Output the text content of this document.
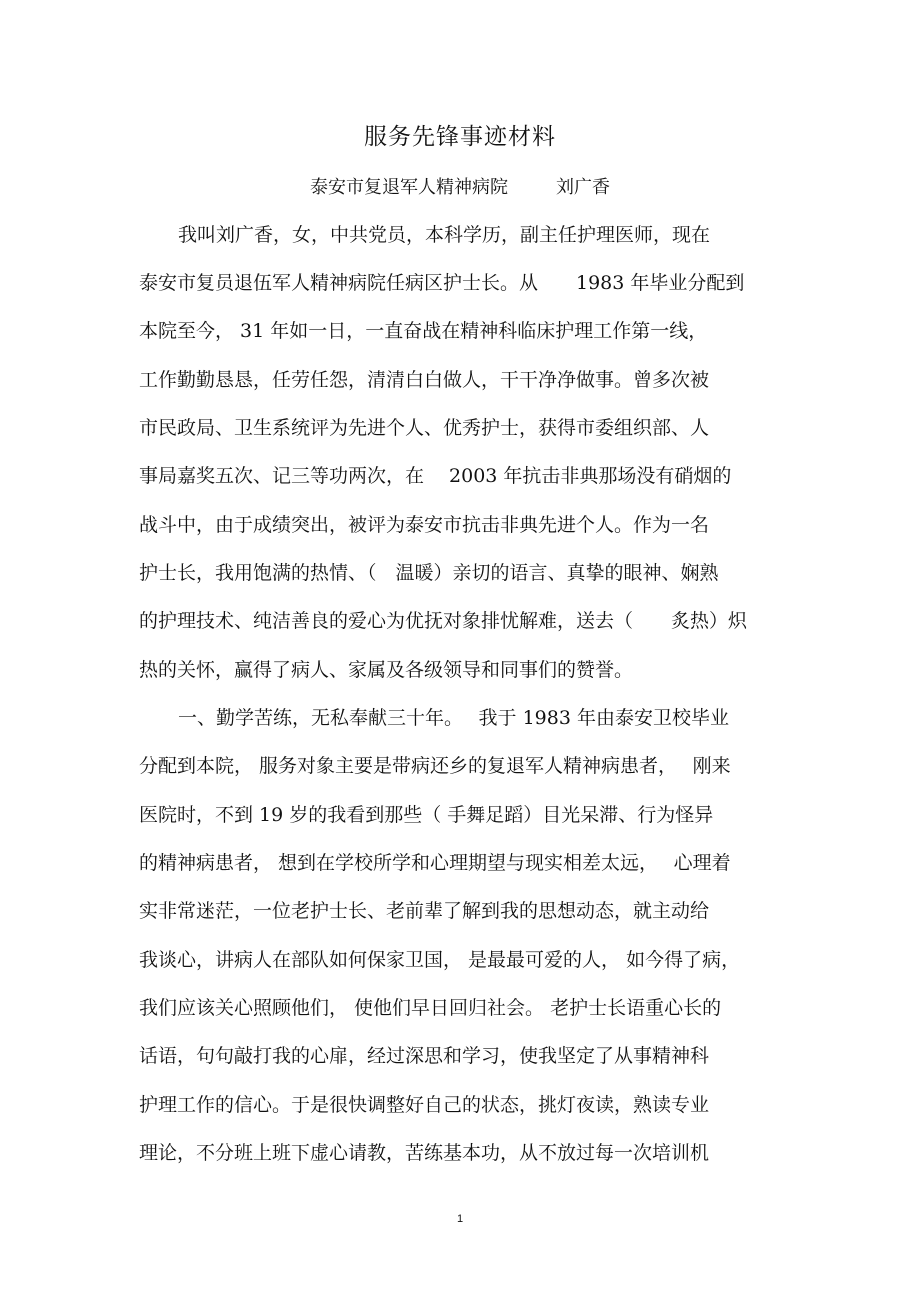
服务先锋事迹材料
泰安市复退军人精神病院	刘广香
我叫刘广香，女，中共党员，本科学历，副主任护理医师，现在
泰安市复员退伍军人精神病院任病区护士长。从　　1983 年毕业分配到
本院至今， 31 年如一日，一直奋战在精神科临床护理工作第一线，
工作勤勤恳恳，任劳任怨，清清白白做人，干干净净做事。曾多次被
市民政局、卫生系统评为先进个人、优秀护士，获得市委组织部、人
事局嘉奖五次、记三等功两次，在　 2003 年抗击非典那场没有硝烟的
战斗中，由于成绩突出，被评为泰安市抗击非典先进个人。作为一名
护士长，我用饱满的热情、（　温暖）亲切的语言、真挚的眼神、娴熟
的护理技术、纯洁善良的爱心为优抚对象排忧解难，送去（　　炙热）炽
热的关怀，赢得了病人、家属及各级领导和同事们的赞誉。
一、勤学苦练，无私奉献三十年。　 我于 1983 年由泰安卫校毕业
分配到本院， 服务对象主要是带病还乡的复退军人精神病患者，　 刚来
医院时，不到 19 岁的我看到那些（ 手舞足蹈）目光呆滞、行为怪异
的精神病患者， 想到在学校所学和心理期望与现实相差太远，　 心理着
实非常迷茫，一位老护士长、老前辈了解到我的思想动态，就主动给
我谈心，讲病人在部队如何保家卫国， 是最最可爱的人， 如今得了病，
我们应该关心照顾他们， 使他们早日回归社会。 老护士长语重心长的
话语，句句敲打我的心扉，经过深思和学习，使我坚定了从事精神科
护理工作的信心。于是很快调整好自己的状态，挑灯夜读，熟读专业
理论，不分班上班下虚心请教，苦练基本功，从不放过每一次培训机
1
